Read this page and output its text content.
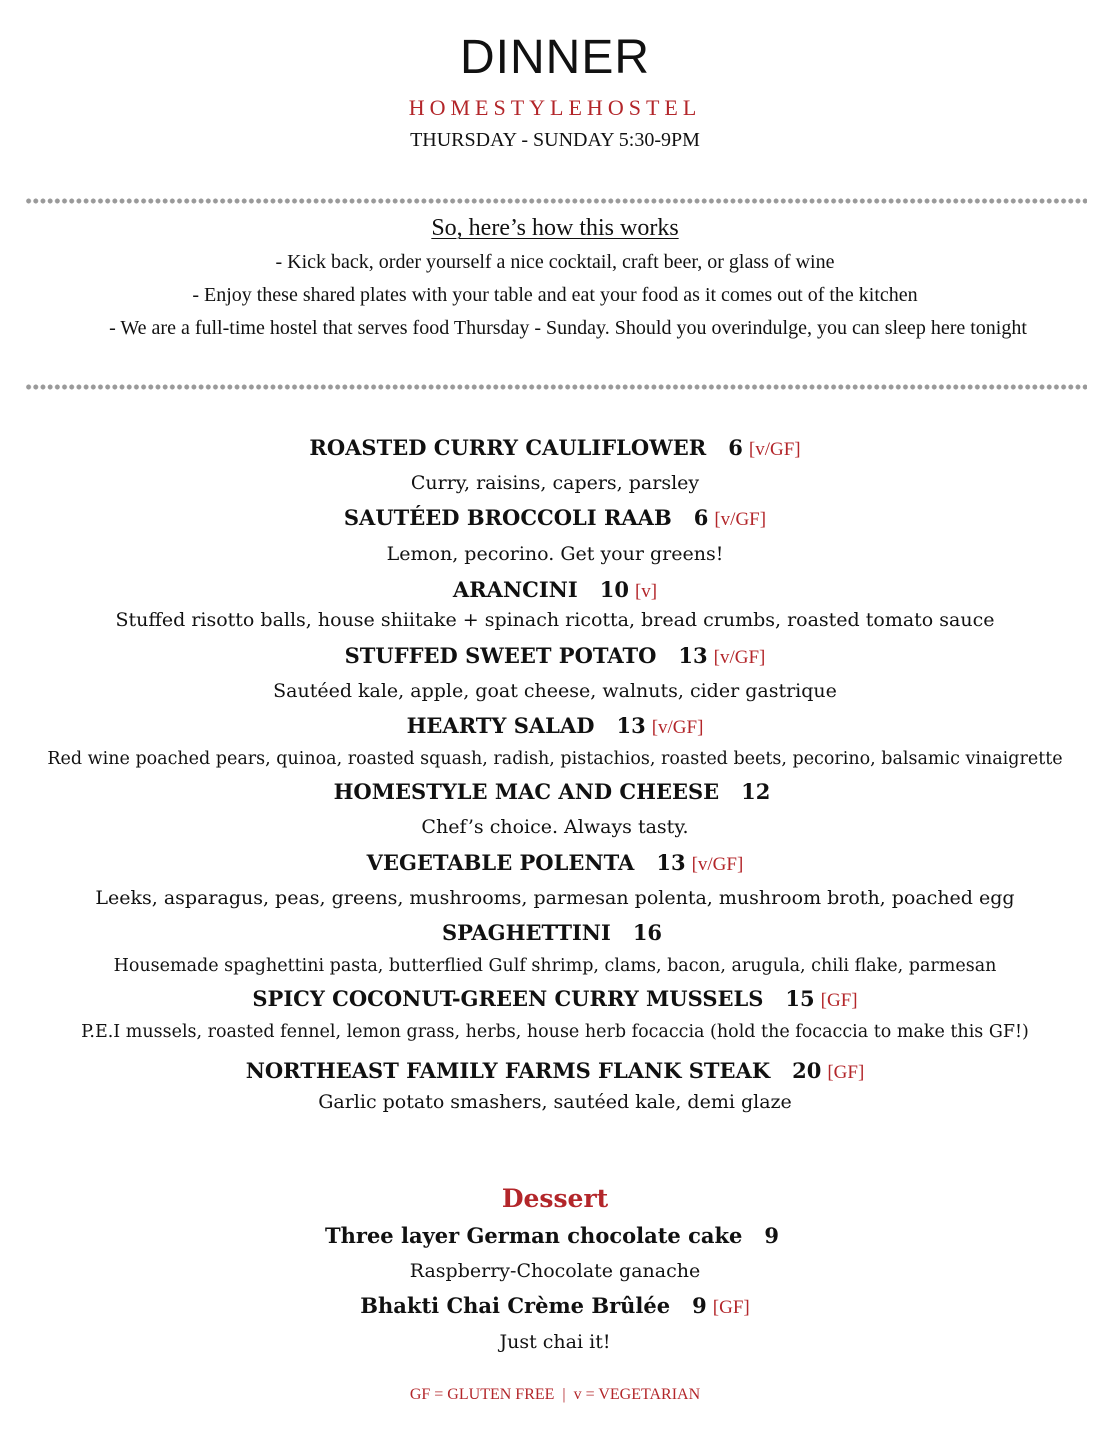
DINNER
HOMESTYLEHOSTEL
THURSDAY - SUNDAY 5:30-9PM
So, here’s how this works
- Kick back, order yourself a nice cocktail, craft beer, or glass of wine
- Enjoy these shared plates with your table and eat your food as it comes out of the kitchen
- We are a full-time hostel that serves food Thursday - Sunday. Should you overindulge, you can sleep here tonight
ROASTED CURRY CAULIFLOWER 6 [v/GF]
Curry, raisins, capers, parsley
SAUTÉED BROCCOLI RAAB 6 [v/GF]
Lemon, pecorino. Get your greens!
ARANCINI 10 [v]
Stuffed risotto balls, house shiitake + spinach ricotta, bread crumbs, roasted tomato sauce
STUFFED SWEET POTATO 13 [v/GF]
Sautéed kale, apple, goat cheese, walnuts, cider gastrique
HEARTY SALAD 13 [v/GF]
Red wine poached pears, quinoa, roasted squash, radish, pistachios, roasted beets, pecorino, balsamic vinaigrette
HOMESTYLE MAC AND CHEESE 12
Chef’s choice. Always tasty.
VEGETABLE POLENTA 13 [v/GF]
Leeks, asparagus, peas, greens, mushrooms, parmesan polenta, mushroom broth, poached egg
SPAGHETTINI 16
Housemade spaghettini pasta, butterflied Gulf shrimp, clams, bacon, arugula, chili flake, parmesan
SPICY COCONUT-GREEN CURRY MUSSELS 15 [GF]
P.E.I mussels, roasted fennel, lemon grass, herbs, house herb focaccia (hold the focaccia to make this GF!)
NORTHEAST FAMILY FARMS FLANK STEAK 20 [GF]
Garlic potato smashers, sautéed kale, demi glaze
Dessert
Three layer German chocolate cake 9
Raspberry-Chocolate ganache
Bhakti Chai Crème Brûlée 9 [GF]
Just chai it!
GF = GLUTEN FREE | v = VEGETARIAN
